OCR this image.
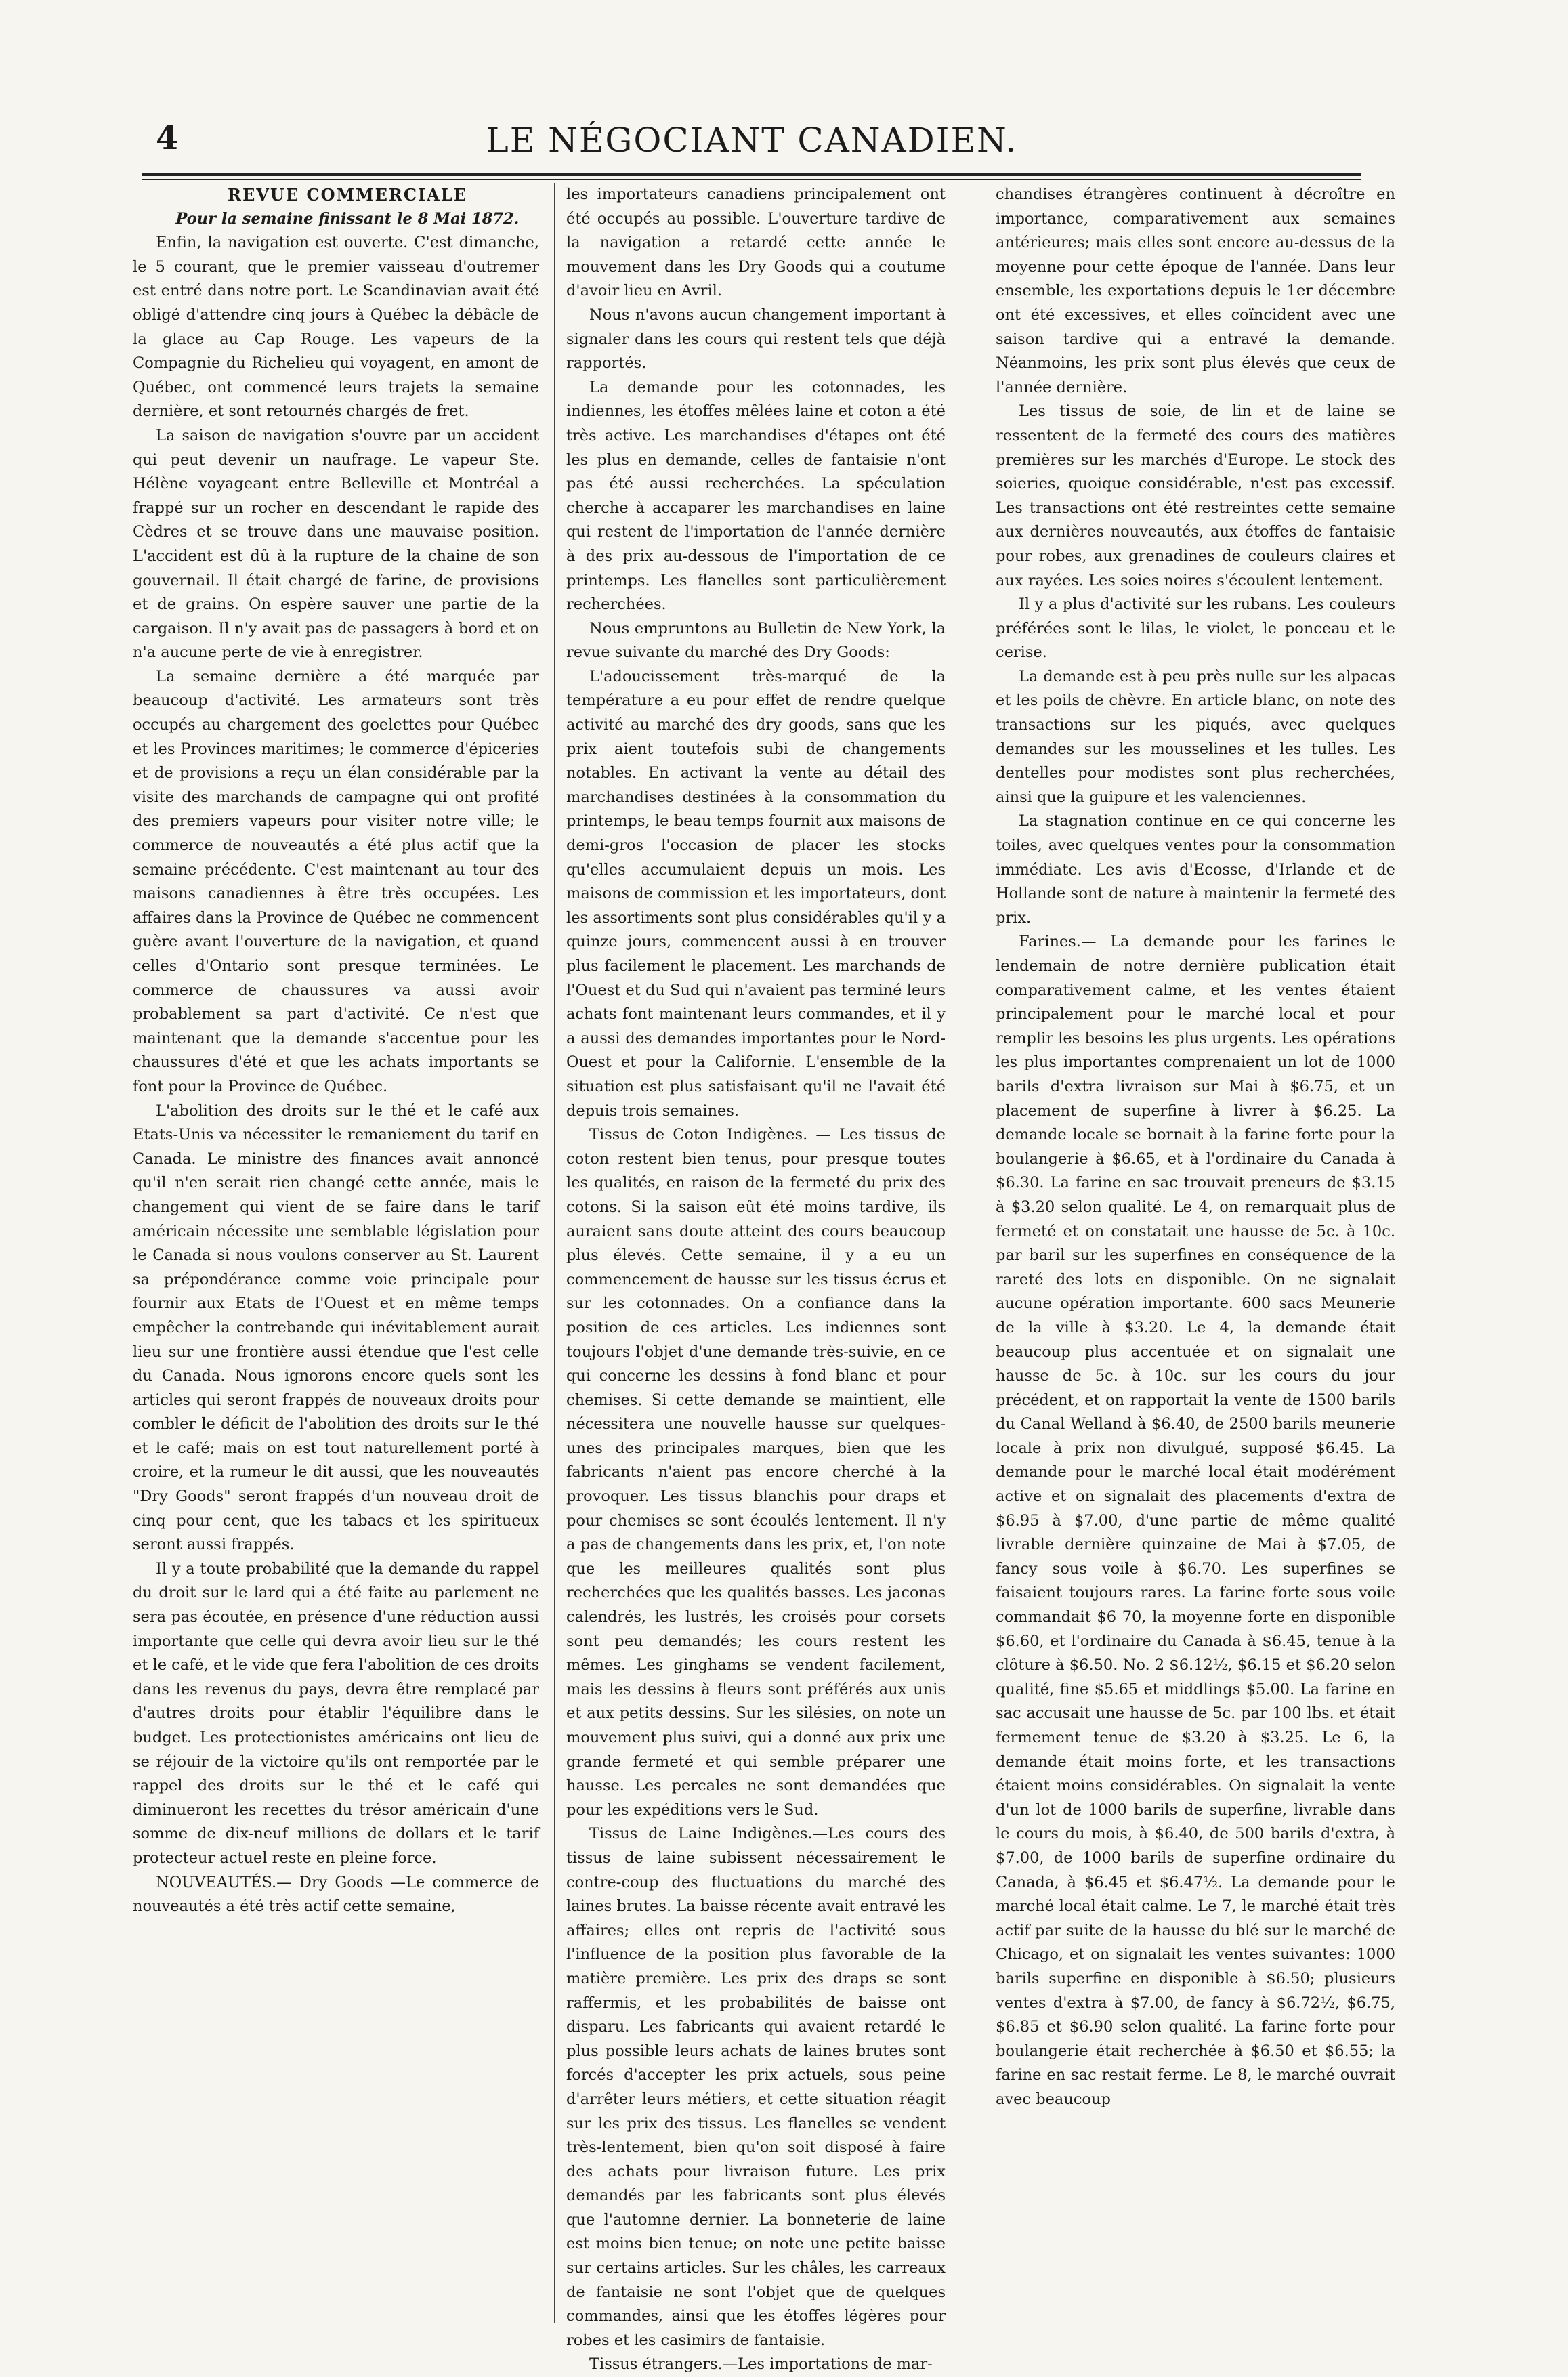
4	LE NÉGOCIANT CANADIEN.

REVUE COMMERCIALE

Pour la semaine finissant le 8 Mai 1872.

Enfin, la navigation est ouverte. C'est dimanche, le 5 courant, que le premier vaisseau d'outremer est entré dans notre port. Le Scandinavian avait été obligé d'attendre cinq jours à Québec la débâcle de la glace au Cap Rouge. Les vapeurs de la Compagnie du Richelieu qui voyagent, en amont de Québec, ont commencé leurs trajets la semaine dernière, et sont retournés chargés de fret.

La saison de navigation s'ouvre par un accident qui peut devenir un naufrage. Le vapeur Ste. Hélène voyageant entre Belleville et Montréal a frappé sur un rocher en descendant le rapide des Cèdres et se trouve dans une mauvaise position. L'accident est dû à la rupture de la chaine de son gouvernail. Il était chargé de farine, de provisions et de grains. On espère sauver une partie de la cargaison. Il n'y avait pas de passagers à bord et on n'a aucune perte de vie à enregistrer.

La semaine dernière a été marquée par beaucoup d'activité. Les armateurs sont très occupés au chargement des goelettes pour Québec et les Provinces maritimes; le commerce d'épiceries et de provisions a reçu un élan considérable par la visite des marchands de campagne qui ont profité des premiers vapeurs pour visiter notre ville; le commerce de nouveautés a été plus actif que la semaine précédente. C'est maintenant au tour des maisons canadiennes à être très occupées. Les affaires dans la Province de Québec ne commencent guère avant l'ouverture de la navigation, et quand celles d'Ontario sont presque terminées. Le commerce de chaussures va aussi avoir probablement sa part d'activité. Ce n'est que maintenant que la demande s'accentue pour les chaussures d'été et que les achats importants se font pour la Province de Québec.

L'abolition des droits sur le thé et le café aux Etats-Unis va nécessiter le remaniement du tarif en Canada. Le ministre des finances avait annoncé qu'il n'en serait rien changé cette année, mais le changement qui vient de se faire dans le tarif américain nécessite une semblable législation pour le Canada si nous voulons conserver au St. Laurent sa prépondérance comme voie principale pour fournir aux Etats de l'Ouest et en même temps empêcher la contrebande qui inévitablement aurait lieu sur une frontière aussi étendue que l'est celle du Canada. Nous ignorons encore quels sont les articles qui seront frappés de nouveaux droits pour combler le déficit de l'abolition des droits sur le thé et le café; mais on est tout naturellement porté à croire, et la rumeur le dit aussi, que les nouveautés "Dry Goods" seront frappés d'un nouveau droit de cinq pour cent, que les tabacs et les spiritueux seront aussi frappés.

Il y a toute probabilité que la demande du rappel du droit sur le lard qui a été faite au parlement ne sera pas écoutée, en présence d'une réduction aussi importante que celle qui devra avoir lieu sur le thé et le café, et le vide que fera l'abolition de ces droits dans les revenus du pays, devra être remplacé par d'autres droits pour établir l'équilibre dans le budget. Les protectionistes américains ont lieu de se réjouir de la victoire qu'ils ont remportée par le rappel des droits sur le thé et le café qui diminueront les recettes du trésor américain d'une somme de dix-neuf millions de dollars et le tarif protecteur actuel reste en pleine force.

NOUVEAUTÉS.— Dry Goods —Le commerce de nouveautés a été très actif cette semaine,

les importateurs canadiens principalement ont été occupés au possible. L'ouverture tardive de la navigation a retardé cette année le mouvement dans les Dry Goods qui a coutume d'avoir lieu en Avril.

Nous n'avons aucun changement important à signaler dans les cours qui restent tels que déjà rapportés.

La demande pour les cotonnades, les indiennes, les étoffes mêlées laine et coton a été très active. Les marchandises d'étapes ont été les plus en demande, celles de fantaisie n'ont pas été aussi recherchées. La spéculation cherche à accaparer les marchandises en laine qui restent de l'importation de l'année dernière à des prix au-dessous de l'importation de ce printemps. Les flanelles sont particulièrement recherchées.

Nous empruntons au Bulletin de New York, la revue suivante du marché des Dry Goods:

L'adoucissement très-marqué de la température a eu pour effet de rendre quelque activité au marché des dry goods, sans que les prix aient toutefois subi de changements notables. En activant la vente au détail des marchandises destinées à la consommation du printemps, le beau temps fournit aux maisons de demi-gros l'occasion de placer les stocks qu'elles accumulaient depuis un mois. Les maisons de commission et les importateurs, dont les assortiments sont plus considérables qu'il y a quinze jours, commencent aussi à en trouver plus facilement le placement. Les marchands de l'Ouest et du Sud qui n'avaient pas terminé leurs achats font maintenant leurs commandes, et il y a aussi des demandes importantes pour le Nord-Ouest et pour la Californie. L'ensemble de la situation est plus satisfaisant qu'il ne l'avait été depuis trois semaines.

Tissus de Coton Indigènes. — Les tissus de coton restent bien tenus, pour presque toutes les qualités, en raison de la fermeté du prix des cotons. Si la saison eût été moins tardive, ils auraient sans doute atteint des cours beaucoup plus élevés. Cette semaine, il y a eu un commencement de hausse sur les tissus écrus et sur les cotonnades. On a confiance dans la position de ces articles. Les indiennes sont toujours l'objet d'une demande très-suivie, en ce qui concerne les dessins à fond blanc et pour chemises. Si cette demande se maintient, elle nécessitera une nouvelle hausse sur quelques-unes des principales marques, bien que les fabricants n'aient pas encore cherché à la provoquer. Les tissus blanchis pour draps et pour chemises se sont écoulés lentement. Il n'y a pas de changements dans les prix, et, l'on note que les meilleures qualités sont plus recherchées que les qualités basses. Les jaconas calendrés, les lustrés, les croisés pour corsets sont peu demandés; les cours restent les mêmes. Les ginghams se vendent facilement, mais les dessins à fleurs sont préférés aux unis et aux petits dessins. Sur les silésies, on note un mouvement plus suivi, qui a donné aux prix une grande fermeté et qui semble préparer une hausse. Les percales ne sont demandées que pour les expéditions vers le Sud.

Tissus de Laine Indigènes.—Les cours des tissus de laine subissent nécessairement le contre-coup des fluctuations du marché des laines brutes. La baisse récente avait entravé les affaires; elles ont repris de l'activité sous l'influence de la position plus favorable de la matière première. Les prix des draps se sont raffermis, et les probabilités de baisse ont disparu. Les fabricants qui avaient retardé le plus possible leurs achats de laines brutes sont forcés d'accepter les prix actuels, sous peine d'arrêter leurs métiers, et cette situation réagit sur les prix des tissus. Les flanelles se vendent très-lentement, bien qu'on soit disposé à faire des achats pour livraison future. Les prix demandés par les fabricants sont plus élevés que l'automne dernier. La bonneterie de laine est moins bien tenue; on note une petite baisse sur certains articles. Sur les châles, les carreaux de fantaisie ne sont l'objet que de quelques commandes, ainsi que les étoffes légères pour robes et les casimirs de fantaisie.

Tissus étrangers.—Les importations de mar-

chandises étrangères continuent à décroître en importance, comparativement aux semaines antérieures; mais elles sont encore au-dessus de la moyenne pour cette époque de l'année. Dans leur ensemble, les exportations depuis le 1er décembre ont été excessives, et elles coïncident avec une saison tardive qui a entravé la demande. Néanmoins, les prix sont plus élevés que ceux de l'année dernière.

Les tissus de soie, de lin et de laine se ressentent de la fermeté des cours des matières premières sur les marchés d'Europe. Le stock des soieries, quoique considérable, n'est pas excessif. Les transactions ont été restreintes cette semaine aux dernières nouveautés, aux étoffes de fantaisie pour robes, aux grenadines de couleurs claires et aux rayées. Les soies noires s'écoulent lentement.

Il y a plus d'activité sur les rubans. Les couleurs préférées sont le lilas, le violet, le ponceau et le cerise.

La demande est à peu près nulle sur les alpacas et les poils de chèvre. En article blanc, on note des transactions sur les piqués, avec quelques demandes sur les mousselines et les tulles. Les dentelles pour modistes sont plus recherchées, ainsi que la guipure et les valenciennes.

La stagnation continue en ce qui concerne les toiles, avec quelques ventes pour la consommation immédiate. Les avis d'Ecosse, d'Irlande et de Hollande sont de nature à maintenir la fermeté des prix.

Farines.— La demande pour les farines le lendemain de notre dernière publication était comparativement calme, et les ventes étaient principalement pour le marché local et pour remplir les besoins les plus urgents. Les opérations les plus importantes comprenaient un lot de 1000 barils d'extra livraison sur Mai à $6.75, et un placement de superfine à livrer à $6.25. La demande locale se bornait à la farine forte pour la boulangerie à $6.65, et à l'ordinaire du Canada à $6.30. La farine en sac trouvait preneurs de $3.15 à $3.20 selon qualité. Le 4, on remarquait plus de fermeté et on constatait une hausse de 5c. à 10c. par baril sur les superfines en conséquence de la rareté des lots en disponible. On ne signalait aucune opération importante. 600 sacs Meunerie de la ville à $3.20. Le 4, la demande était beaucoup plus accentuée et on signalait une hausse de 5c. à 10c. sur les cours du jour précédent, et on rapportait la vente de 1500 barils du Canal Welland à $6.40, de 2500 barils meunerie locale à prix non divulgué, supposé $6.45. La demande pour le marché local était modérément active et on signalait des placements d'extra de $6.95 à $7.00, d'une partie de même qualité livrable dernière quinzaine de Mai à $7.05, de fancy sous voile à $6.70. Les superfines se faisaient toujours rares. La farine forte sous voile commandait $6 70, la moyenne forte en disponible $6.60, et l'ordinaire du Canada à $6.45, tenue à la clôture à $6.50. No. 2 $6.12½, $6.15 et $6.20 selon qualité, fine $5.65 et middlings $5.00. La farine en sac accusait une hausse de 5c. par 100 lbs. et était fermement tenue de $3.20 à $3.25. Le 6, la demande était moins forte, et les transactions étaient moins considérables. On signalait la vente d'un lot de 1000 barils de superfine, livrable dans le cours du mois, à $6.40, de 500 barils d'extra, à $7.00, de 1000 barils de superfine ordinaire du Canada, à $6.45 et $6.47½. La demande pour le marché local était calme. Le 7, le marché était très actif par suite de la hausse du blé sur le marché de Chicago, et on signalait les ventes suivantes: 1000 barils superfine en disponible à $6.50; plusieurs ventes d'extra à $7.00, de fancy à $6.72½, $6.75, $6.85 et $6.90 selon qualité. La farine forte pour boulangerie était recherchée à $6.50 et $6.55; la farine en sac restait ferme. Le 8, le marché ouvrait avec beaucoup
